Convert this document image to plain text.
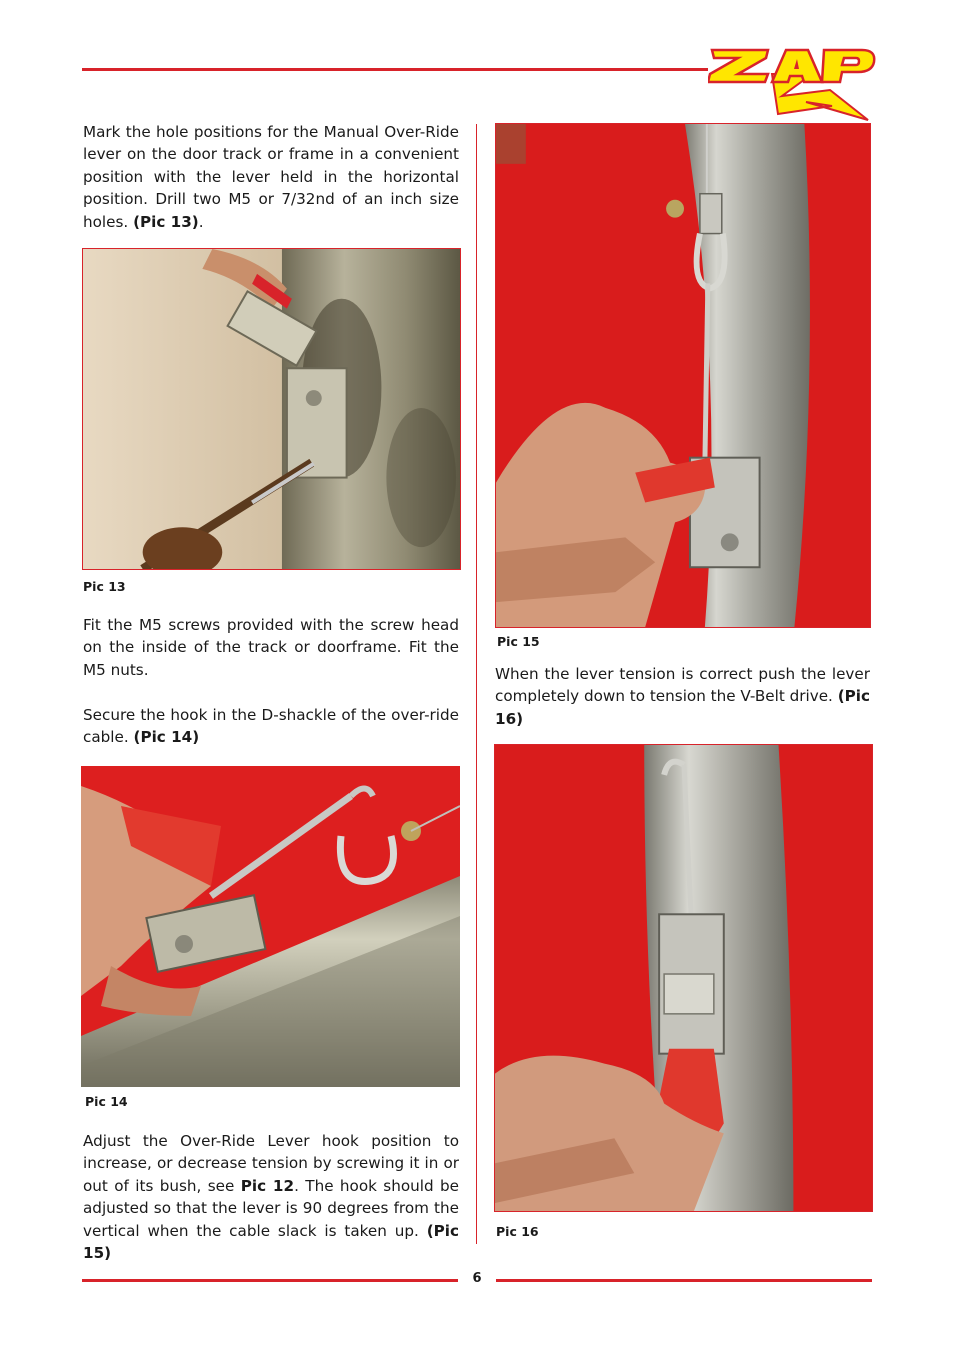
Mark the hole positions for the Manual Over-Ride lever on the door track or frame in a convenient position with the lever held in the horizontal position. Drill two M5 or 7/32nd of an inch size holes. (Pic 13).

Pic 13

Fit the M5 screws provided with the screw head on the inside of the track or doorframe. Fit the M5 nuts.

Secure the hook in the D-shackle of the over-ride cable. (Pic 14)

Pic 14

Adjust the Over-Ride Lever hook position to increase, or decrease tension by screwing it in or out of its bush, see Pic 12. The hook should be adjusted so that the lever is 90 degrees from the vertical when the cable slack is taken up. (Pic 15)

Pic 15

When the lever tension is correct push the lever completely down to tension the V-Belt drive. (Pic 16)

Pic 16
6
